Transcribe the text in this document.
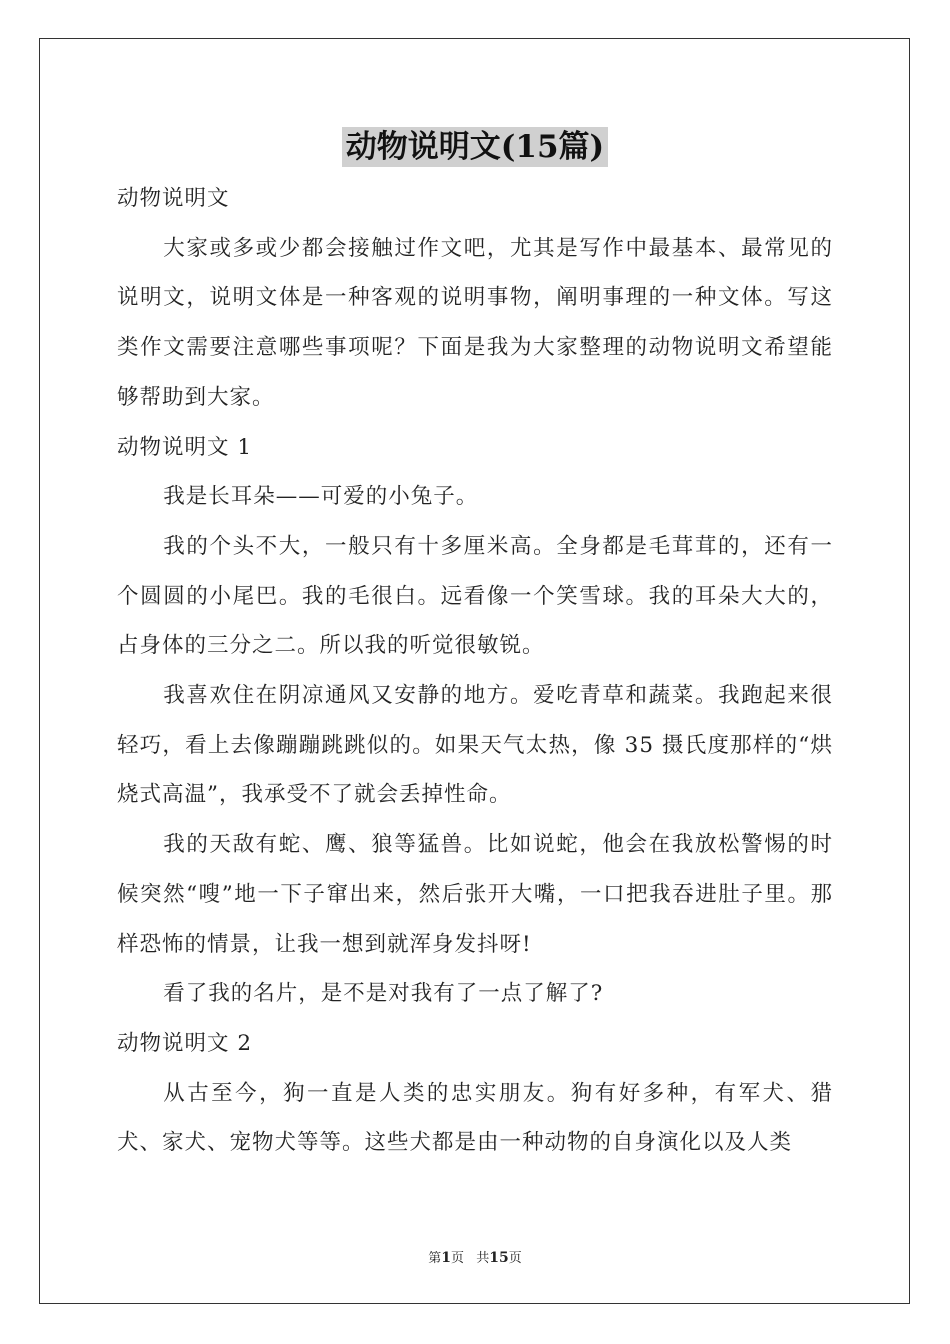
动物说明文(15篇)

动物说明文

大家或多或少都会接触过作文吧，尤其是写作中最基本、最常见的说明文，说明文体是一种客观的说明事物，阐明事理的一种文体。写这类作文需要注意哪些事项呢？下面是我为大家整理的动物说明文希望能够帮助到大家。

动物说明文 1

我是长耳朵——可爱的小兔子。

我的个头不大，一般只有十多厘米高。全身都是毛茸茸的，还有一个圆圆的小尾巴。我的毛很白。远看像一个笑雪球。我的耳朵大大的，占身体的三分之二。所以我的听觉很敏锐。

我喜欢住在阴凉通风又安静的地方。爱吃青草和蔬菜。我跑起来很轻巧，看上去像蹦蹦跳跳似的。如果天气太热，像 35 摄氏度那样的“烘烧式高温”，我承受不了就会丢掉性命。

我的天敌有蛇、鹰、狼等猛兽。比如说蛇，他会在我放松警惕的时候突然“嗖”地一下子窜出来，然后张开大嘴，一口把我吞进肚子里。那样恐怖的情景，让我一想到就浑身发抖呀!

看了我的名片，是不是对我有了一点了解了?

动物说明文 2

从古至今，狗一直是人类的忠实朋友。狗有好多种，有军犬、猎犬、家犬、宠物犬等等。这些犬都是由一种动物的自身演化以及人类

第1页 共15页
